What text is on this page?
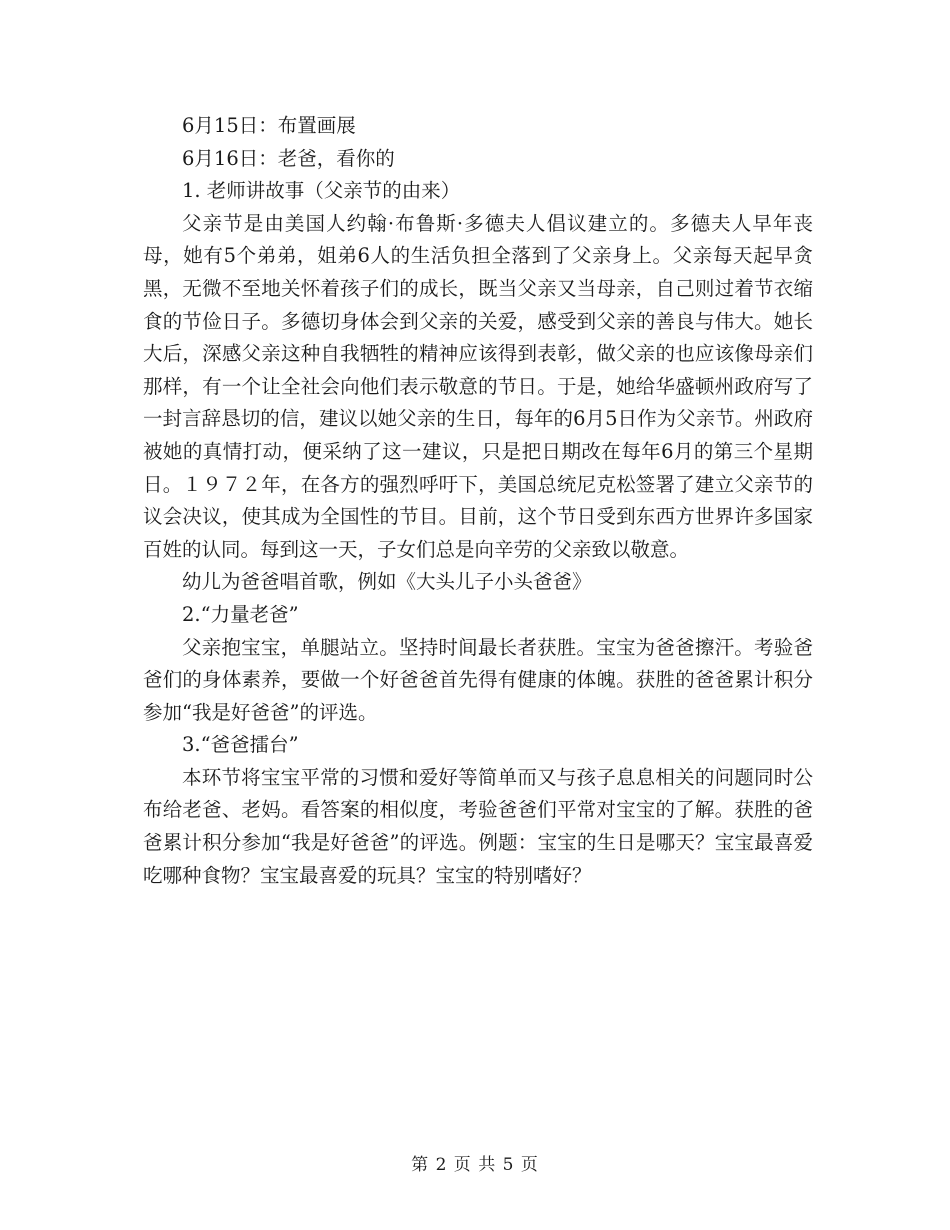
6月15日：布置画展

6月16日：老爸，看你的

1. 老师讲故事（父亲节的由来）

父亲节是由美国人约翰·布鲁斯·多德夫人倡议建立的。多德夫人早年丧母，她有5个弟弟，姐弟6人的生活负担全落到了父亲身上。父亲每天起早贪黑，无微不至地关怀着孩子们的成长，既当父亲又当母亲，自己则过着节衣缩食的节俭日子。多德切身体会到父亲的关爱，感受到父亲的善良与伟大。她长大后，深感父亲这种自我牺牲的精神应该得到表彰，做父亲的也应该像母亲们那样，有一个让全社会向他们表示敬意的节日。于是，她给华盛顿州政府写了一封言辞恳切的信，建议以她父亲的生日，每年的6月5日作为父亲节。州政府被她的真情打动，便采纳了这一建议，只是把日期改在每年6月的第三个星期日。１９７２年，在各方的强烈呼吁下，美国总统尼克松签署了建立父亲节的议会决议，使其成为全国性的节目。目前，这个节日受到东西方世界许多国家百姓的认同。每到这一天，子女们总是向辛劳的父亲致以敬意。

幼儿为爸爸唱首歌，例如《大头儿子小头爸爸》

2.“力量老爸”

父亲抱宝宝，单腿站立。坚持时间最长者获胜。宝宝为爸爸擦汗。考验爸爸们的身体素养，要做一个好爸爸首先得有健康的体魄。获胜的爸爸累计积分参加“我是好爸爸”的评选。

3.“爸爸擂台”

本环节将宝宝平常的习惯和爱好等简单而又与孩子息息相关的问题同时公布给老爸、老妈。看答案的相似度，考验爸爸们平常对宝宝的了解。获胜的爸爸累计积分参加“我是好爸爸”的评选。例题：宝宝的生日是哪天？宝宝最喜爱吃哪种食物？宝宝最喜爱的玩具？宝宝的特别嗜好？

第 2 页 共 5 页
